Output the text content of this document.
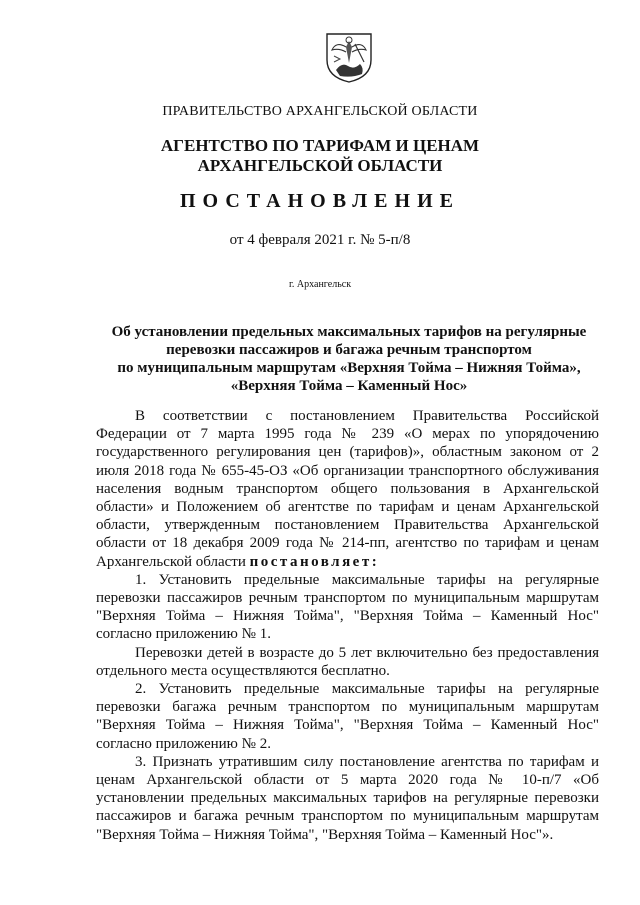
ПРАВИТЕЛЬСТВО АРХАНГЕЛЬСКОЙ ОБЛАСТИ
АГЕНТСТВО ПО ТАРИФАМ И ЦЕНАМ
АРХАНГЕЛЬСКОЙ ОБЛАСТИ
ПОСТАНОВЛЕНИЕ
от 4 февраля 2021 г. № 5-п/8
г. Архангельск
Об установлении предельных максимальных тарифов на регулярные
перевозки пассажиров и багажа речным транспортом
по муниципальным маршрутам «Верхняя Тойма – Нижняя Тойма»,
«Верхняя Тойма – Каменный Нос»

В соответствии с постановлением Правительства Российской Федерации от 7 марта 1995 года № 239 «О мерах по упорядочению государственного регулирования цен (тарифов)», областным законом от 2 июля 2018 года № 655-45-ОЗ «Об организации транспортного обслуживания населения водным транспортом общего пользования в Архангельской области» и Положением об агентстве по тарифам и ценам Архангельской области, утвержденным постановлением Правительства Архангельской области от 18 декабря 2009 года № 214-пп, агентство по тарифам и ценам Архангельской области постановляет:

1. Установить предельные максимальные тарифы на регулярные перевозки пассажиров речным транспортом по муниципальным маршрутам "Верхняя Тойма – Нижняя Тойма", "Верхняя Тойма – Каменный Нос" согласно приложению № 1.

Перевозки детей в возрасте до 5 лет включительно без предоставления отдельного места осуществляются бесплатно.

2. Установить предельные максимальные тарифы на регулярные перевозки багажа речным транспортом по муниципальным маршрутам "Верхняя Тойма – Нижняя Тойма", "Верхняя Тойма – Каменный Нос" согласно приложению № 2.

3. Признать утратившим силу постановление агентства по тарифам и ценам Архангельской области от 5 марта 2020 года № 10-п/7 «Об установлении предельных максимальных тарифов на регулярные перевозки пассажиров и багажа речным транспортом по муниципальным маршрутам "Верхняя Тойма – Нижняя Тойма", "Верхняя Тойма – Каменный Нос"».
